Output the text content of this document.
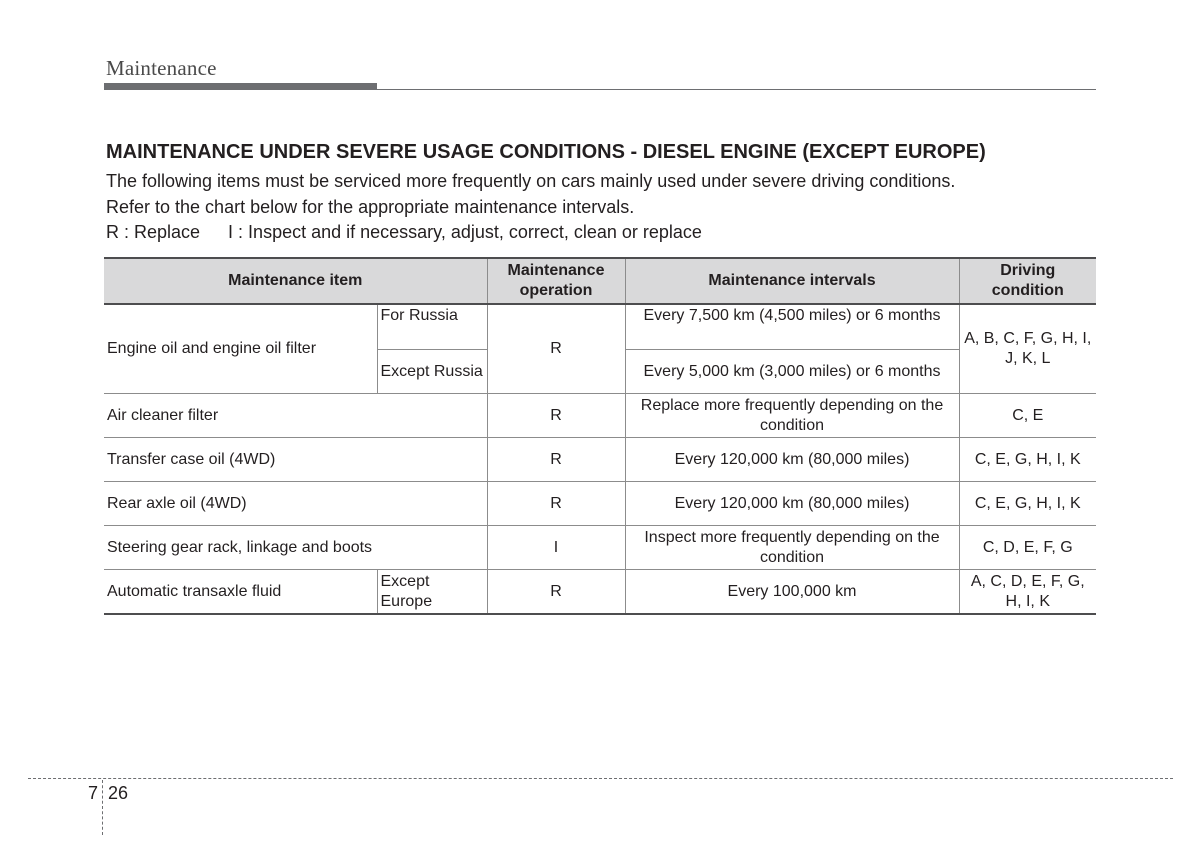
Maintenance
MAINTENANCE UNDER SEVERE USAGE CONDITIONS - DIESEL ENGINE (EXCEPT EUROPE)
The following items must be serviced more frequently on cars mainly used under severe driving conditions.
Refer to the chart below for the appropriate maintenance intervals.
R : Replace I : Inspect and if necessary, adjust, correct, clean or replace
Maintenance item		Maintenance operation	Maintenance intervals	Driving condition
Engine oil and engine oil filter	For Russia	R	Every 7,500 km (4,500 miles) or 6 months	A, B, C, F, G, H, I, J, K, L
	Except Russia		Every 5,000 km (3,000 miles) or 6 months	
Air cleaner filter		R	Replace more frequently depending on the condition	C, E
Transfer case oil (4WD)		R	Every 120,000 km (80,000 miles)	C, E, G, H, I, K
Rear axle oil (4WD)		R	Every 120,000 km (80,000 miles)	C, E, G, H, I, K
Steering gear rack, linkage and boots		I	Inspect more frequently depending on the condition	C, D, E, F, G
Automatic transaxle fluid	Except Europe	R	Every 100,000 km	A, C, D, E, F, G, H, I, K
7 26
